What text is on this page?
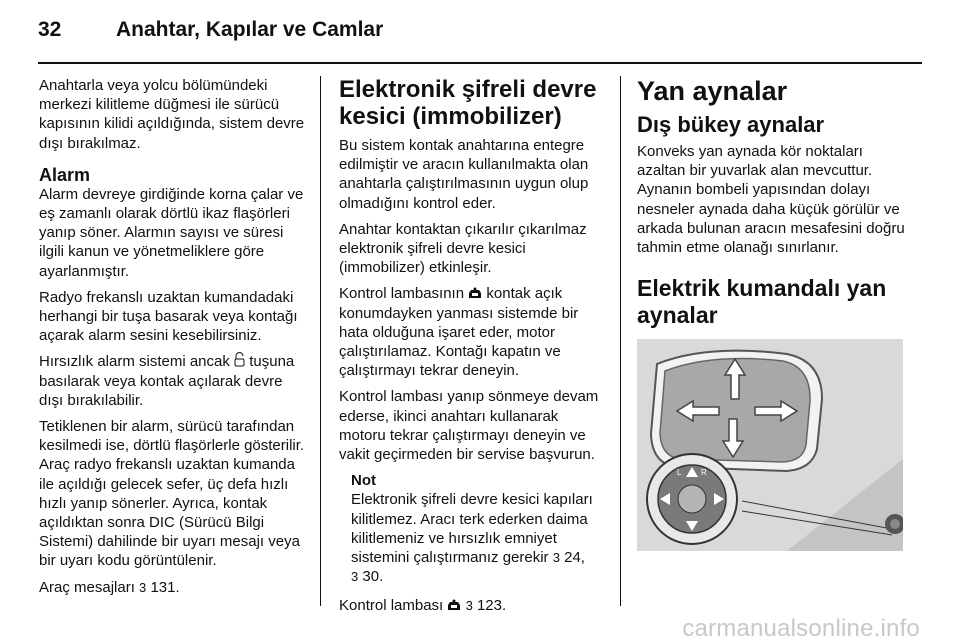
32	Anahtar, Kapılar ve Camlar

Anahtarla veya yolcu bölümündeki merkezi kilitleme düğmesi ile sürücü kapısının kilidi açıldığında, sistem devre dışı bırakılmaz.

Alarm

Alarm devreye girdiğinde korna çalar ve eş zamanlı olarak dörtlü ikaz flaşörleri yanıp söner. Alarmın sayısı ve süresi ilgili kanun ve yönetmeliklere göre ayarlanmıştır.

Radyo frekanslı uzaktan kumandadaki herhangi bir tuşa basarak veya kontağı açarak alarm sesini kesebilirsiniz.

Hırsızlık alarm sistemi ancak  tuşuna basılarak veya kontak açılarak devre dışı bırakılabilir.

Tetiklenen bir alarm, sürücü tarafından kesilmedi ise, dörtlü flaşörlerle gösterilir. Araç radyo frekanslı uzaktan kumanda ile açıldığı gelecek sefer, üç defa hızlı hızlı yanıp sönerler. Ayrıca, kontak açıldıktan sonra DIC (Sürücü Bilgi Sistemi) dahilinde bir uyarı mesajı veya bir uyarı kodu görüntülenir.

Araç mesajları 3 131.

Elektronik şifreli devre kesici (immobilizer)

Bu sistem kontak anahtarına entegre edilmiştir ve aracın kullanılmakta olan anahtarla çalıştırılmasının uygun olup olmadığını kontrol eder.

Anahtar kontaktan çıkarılır çıkarılmaz elektronik şifreli devre kesici (immobilizer) etkinleşir.

Kontrol lambasının  kontak açık konumdayken yanması sistemde bir hata olduğuna işaret eder, motor çalıştırılamaz. Kontağı kapatın ve çalıştırmayı tekrar deneyin.

Kontrol lambası yanıp sönmeye devam ederse, ikinci anahtarı kullanarak motoru tekrar çalıştırmayı deneyin ve vakit geçirmeden bir servise başvurun.

Not
Elektronik şifreli devre kesici kapıları kilitlemez. Aracı terk ederken daima kilitlemeniz ve hırsızlık emniyet sistemini çalıştırmanız gerekir 3 24,
3 30.

Kontrol lambası  3 123.

Yan aynalar
Dış bükey aynalar

Konveks yan aynada kör noktaları azaltan bir yuvarlak alan mevcuttur. Aynanın bombeli yapısından dolayı nesneler aynada daha küçük görülür ve arkada bulunan aracın mesafesini doğru tahmin etme olanağı sınırlanır.

Elektrik kumandalı yan aynalar
L R
carmanualsonline.info
